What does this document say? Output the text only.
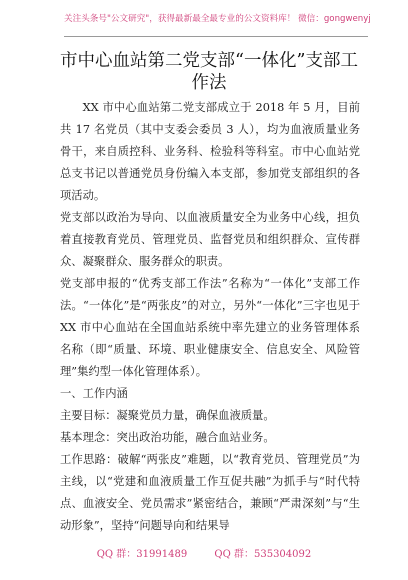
关注头条号"公文研究"，获得最新最全最专业的公文资料库！ 微信：gongwenyj
市中心血站第二党支部“一体化”支部工作法

XX 市中心血站第二党支部成立于 2018 年 5 月，目前共 17 名党员（其中支委会委员 3 人），均为血液质量业务骨干，来自质控科、业务科、检验科等科室。市中心血站党总支书记以普通党员身份编入本支部，参加党支部组织的各项活动。

党支部以政治为导向、以血液质量安全为业务中心线，担负着直接教育党员、管理党员、监督党员和组织群众、宣传群众、凝聚群众、服务群众的职责。

党支部申报的“优秀支部工作法”名称为“一体化”支部工作法。“一体化”是“两张皮”的对立，另外“一体化”三字也见于 XX 市中心血站在全国血站系统中率先建立的业务管理体系名称（即“质量、环境、职业健康安全、信息安全、风险管理”集约型一体化管理体系）。

一、工作内涵

主要目标：凝聚党员力量，确保血液质量。

基本理念：突出政治功能，融合血站业务。

工作思路：破解“两张皮”难题，以“教育党员、管理党员”为主线，以“党建和血液质量工作互促共融”为抓手与“时代特点、血液安全、党员需求”紧密结合，兼顾“严肃深刻”与“生动形象”，坚持“问题导向和结果导

QQ 群：31991489	QQ 群：535304092
